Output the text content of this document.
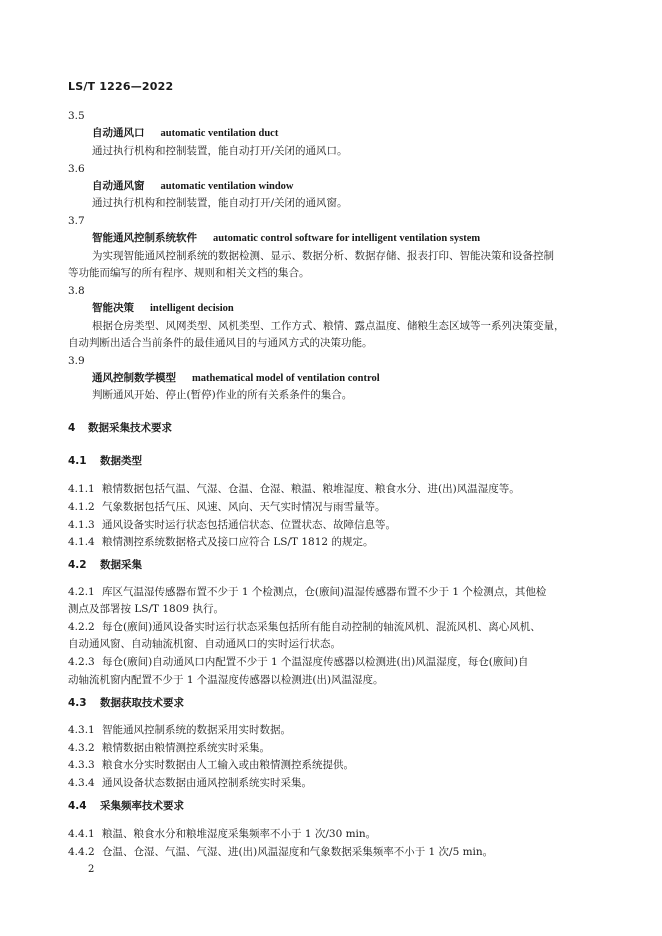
LS/T 1226—2022
3.5
自动通风口 automatic ventilation duct
通过执行机构和控制装置，能自动打开/关闭的通风口。
3.6
自动通风窗 automatic ventilation window
通过执行机构和控制装置，能自动打开/关闭的通风窗。
3.7
智能通风控制系统软件 automatic control software for intelligent ventilation system
为实现智能通风控制系统的数据检测、显示、数据分析、数据存储、报表打印、智能决策和设备控制
等功能而编写的所有程序、规则和相关文档的集合。
3.8
智能决策 intelligent decision
根据仓房类型、风网类型、风机类型、工作方式、粮情、露点温度、储粮生态区域等一系列决策变量，
自动判断出适合当前条件的最佳通风目的与通风方式的决策功能。
3.9
通风控制数学模型 mathematical model of ventilation control
判断通风开始、停止(暂停)作业的所有关系条件的集合。
4 数据采集技术要求
4.1 数据类型
4.1.1 粮情数据包括气温、气湿、仓温、仓湿、粮温、粮堆湿度、粮食水分、进(出)风温湿度等。
4.1.2 气象数据包括气压、风速、风向、天气实时情况与雨雪量等。
4.1.3 通风设备实时运行状态包括通信状态、位置状态、故障信息等。
4.1.4 粮情测控系统数据格式及接口应符合 LS/T 1812 的规定。
4.2 数据采集
4.2.1 库区气温湿传感器布置不少于 1 个检测点，仓(廒间)温湿传感器布置不少于 1 个检测点，其他检
测点及部署按 LS/T 1809 执行。
4.2.2 每仓(廒间)通风设备实时运行状态采集包括所有能自动控制的轴流风机、混流风机、离心风机、
自动通风窗、自动轴流机窗、自动通风口的实时运行状态。
4.2.3 每仓(廒间)自动通风口内配置不少于 1 个温湿度传感器以检测进(出)风温湿度，每仓(廒间)自
动轴流机窗内配置不少于 1 个温湿度传感器以检测进(出)风温湿度。
4.3 数据获取技术要求
4.3.1 智能通风控制系统的数据采用实时数据。
4.3.2 粮情数据由粮情测控系统实时采集。
4.3.3 粮食水分实时数据由人工输入或由粮情测控系统提供。
4.3.4 通风设备状态数据由通风控制系统实时采集。
4.4 采集频率技术要求
4.4.1 粮温、粮食水分和粮堆湿度采集频率不小于 1 次/30 min。
4.4.2 仓温、仓湿、气温、气湿、进(出)风温湿度和气象数据采集频率不小于 1 次/5 min。
2
